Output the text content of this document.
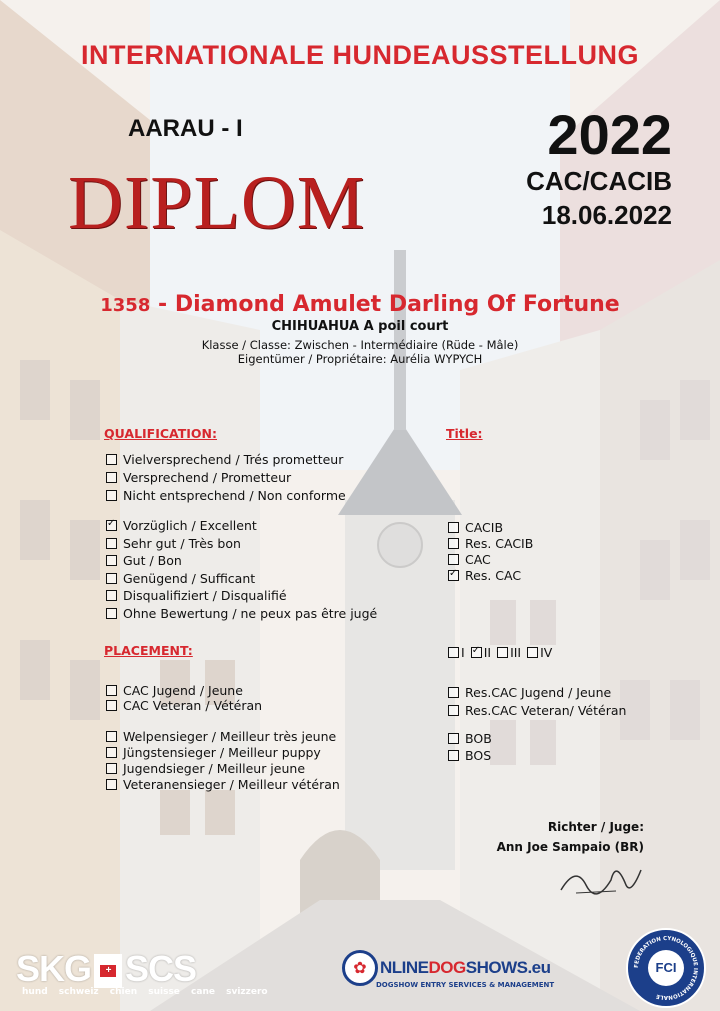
INTERNATIONALE HUNDEAUSSTELLUNG
AARAU - I
DIPLOM
2022
CAC/CACIB
18.06.2022
1358 - Diamond Amulet Darling Of Fortune
CHIHUAHUA A poil court
Klasse / Classe: Zwischen - Intermédiaire (Rüde - Mâle)
Eigentümer / Propriétaire: Aurélia WYPYCH
QUALIFICATION:
Vielversprechend / Trés prometteur
Versprechend / Prometteur
Nicht entsprechend / Non conforme
✓
Vorzüglich / Excellent
Sehr gut / Très bon
Gut / Bon
Genügend / Sufficant
Disqualifiziert / Disqualifié
Ohne Bewertung / ne peux pas être jugé
Title:
CACIB
Res. CACIB
CAC
✓
Res. CAC
PLACEMENT:	I
✓ II III IV
CAC Jugend / Jeune
CAC Veteran / Vétéran
Welpensieger / Meilleur très jeune
Jüngstensieger / Meilleur puppy
Jugendsieger / Meilleur jeune
Veteranensieger / Meilleur vétéran
Res.CAC Jugend / Jeune
Res.CAC Veteran/ Vétéran
BOB
BOS
Richter / Juge:
Ann Joe Sampaio (BR)
SKG	+ SCS
hund schweiz chien suisse cane svizzero
✿ NLINEDOGSHOWS.eu
DOGSHOW ENTRY SERVICES & MANAGEMENT
FEDERATION CYNOLOGIQUE INTERNATIONALE
FCI
